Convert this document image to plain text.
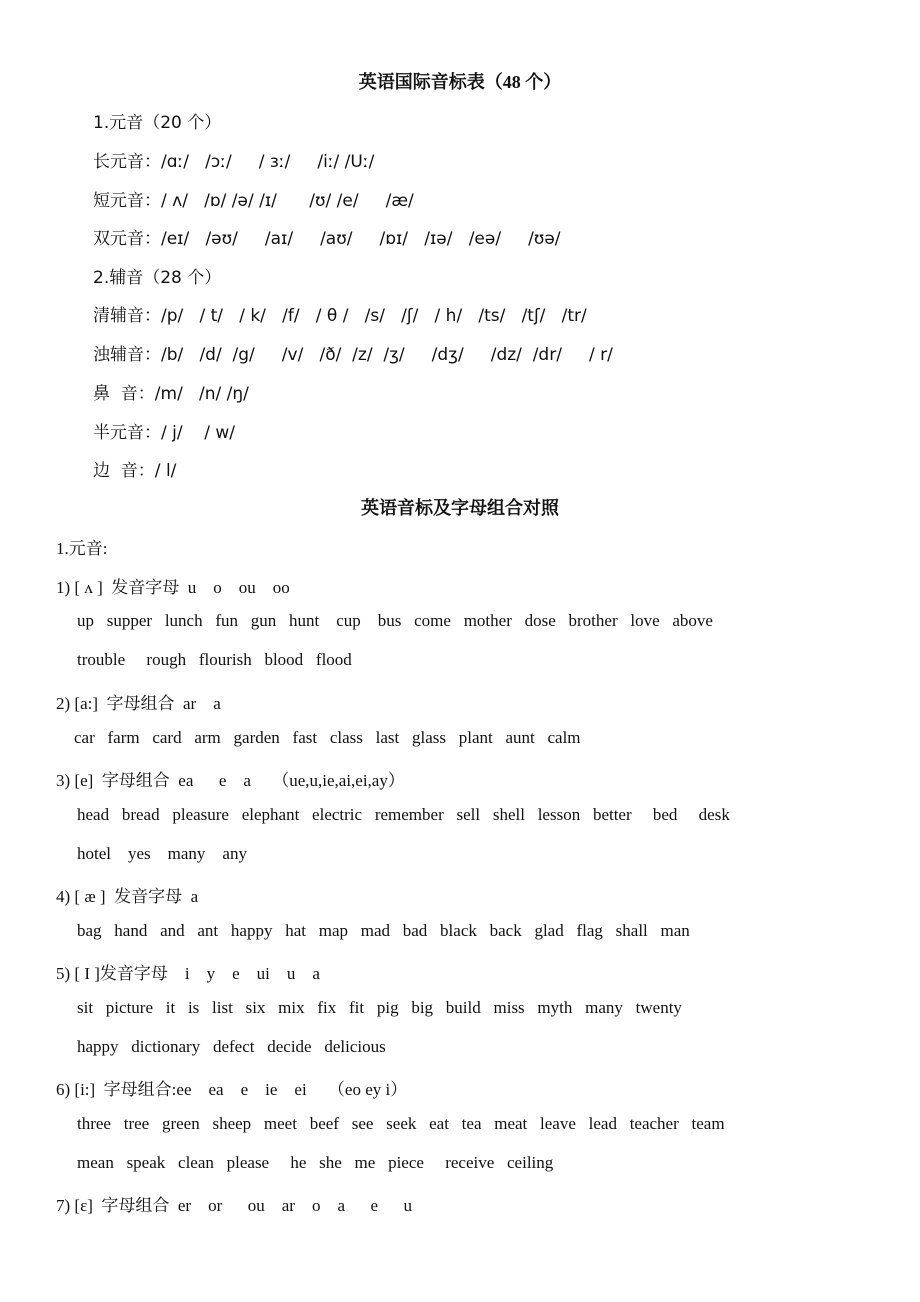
英语国际音标表（48 个）
1.元音（20 个）
长元音：/ɑː/   /ɔː/     / ɜː/     /iː/ /Uː/
短元音：/ ʌ/   /ɒ/ /ə/ /ɪ/      /ʊ/ /e/     /æ/
双元音：/eɪ/   /əʊ/     /aɪ/     /aʊ/     /ɒɪ/   /ɪə/   /eə/     /ʊə/
2.辅音（28 个）
清辅音：/p/   / t/   / k/   /f/   / θ /   /s/   /ʃ/   / h/   /ts/   /tʃ/   /tr/
浊辅音：/b/   /d/  /g/     /v/   /ð/  /z/  /ʒ/     /dʒ/     /dz/  /dr/     / r/
鼻  音：/m/   /n/ /ŋ/
半元音：/ j/    / w/
边  音：/ l/
英语音标及字母组合对照
1.元音:
1) [ ʌ ]  发音字母  u    o    ou    oo
up   supper   lunch   fun   gun   hunt    cup    bus   come   mother   dose   brother   love   above
trouble     rough   flourish   blood   flood
2) [a:]  字母组合  ar    a
car   farm   card   arm   garden   fast   class   last   glass   plant   aunt   calm
3) [e]  字母组合  ea      e    a     （ue,u,ie,ai,ei,ay）
head   bread   pleasure   elephant   electric   remember   sell   shell   lesson   better     bed     desk
hotel    yes    many    any
4) [ æ ]  发音字母  a
bag   hand   and   ant   happy   hat   map   mad   bad   black   back   glad   flag   shall   man
5) [ I ]发音字母    i    y    e    ui    u    a
sit   picture   it   is   list   six   mix   fix   fit   pig   big   build   miss   myth   many   twenty
happy   dictionary   defect   decide   delicious
6) [i:]  字母组合:ee    ea    e    ie    ei     （eo ey i）
three   tree   green   sheep   meet   beef   see   seek   eat   tea   meat   leave   lead   teacher   team
mean   speak   clean   please     he   she   me   piece     receive   ceiling
7) [ɛ]  字母组合  er    or      ou    ar    o    a      e      u
